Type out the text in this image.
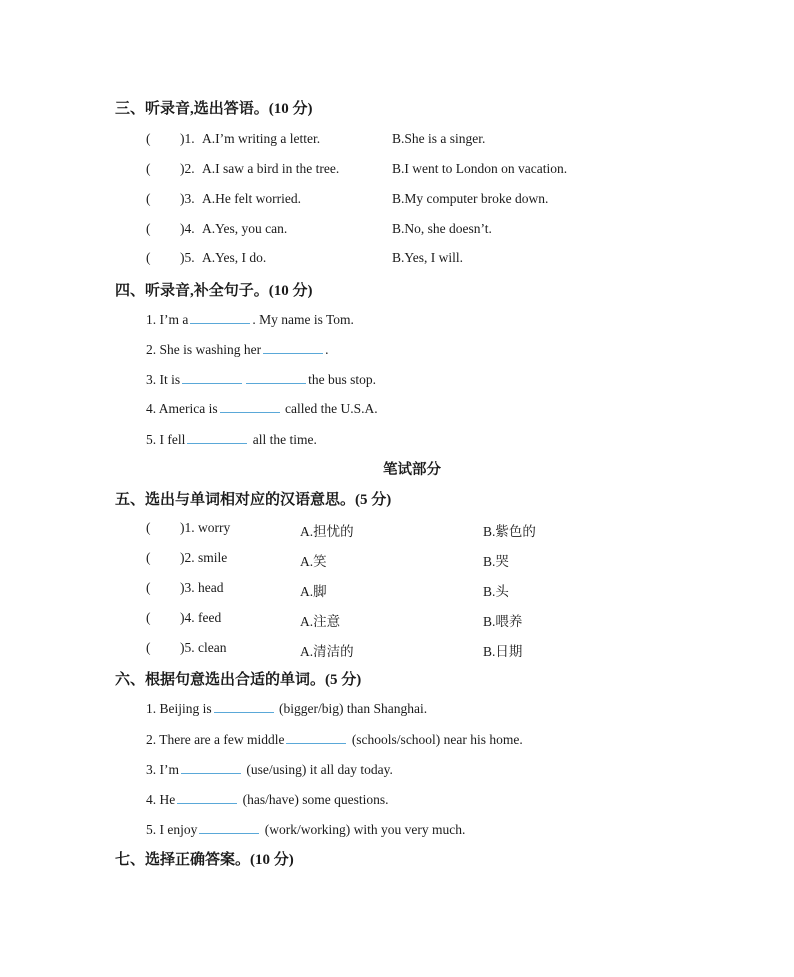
三、听录音,选出答语。(10 分)
( )1. A.I’m writing a letter.	B.She is a singer.
( )2. A.I saw a bird in the tree.	B.I went to London on vacation.
( )3. A.He felt worried.	B.My computer broke down.
( )4. A.Yes, you can.	B.No, she doesn’t.
( )5. A.Yes, I do.	B.Yes, I will.
四、听录音,补全句子。(10 分)
1. I’m a	. My name is Tom.
2. She is washing her	.
3. It is	the bus stop.
4. America is	called the U.S.A.
5. I fell	all the time.
笔试部分
五、选出与单词相对应的汉语意思。(5 分)
( )1. worry	A.担忧的	B.紫色的
( )2. smile	A.笑	B.哭
( )3. head	A.脚	B.头
( )4. feed	A.注意	B.喂养
( )5. clean	A.清洁的	B.日期
六、根据句意选出合适的单词。(5 分)
1. Beijing is	(bigger/big) than Shanghai.
2. There are a few middle	(schools/school) near his home.
3. I’m	(use/using) it all day today.
4. He	(has/have) some questions.
5. I enjoy	(work/working) with you very much.
七、选择正确答案。(10 分)
